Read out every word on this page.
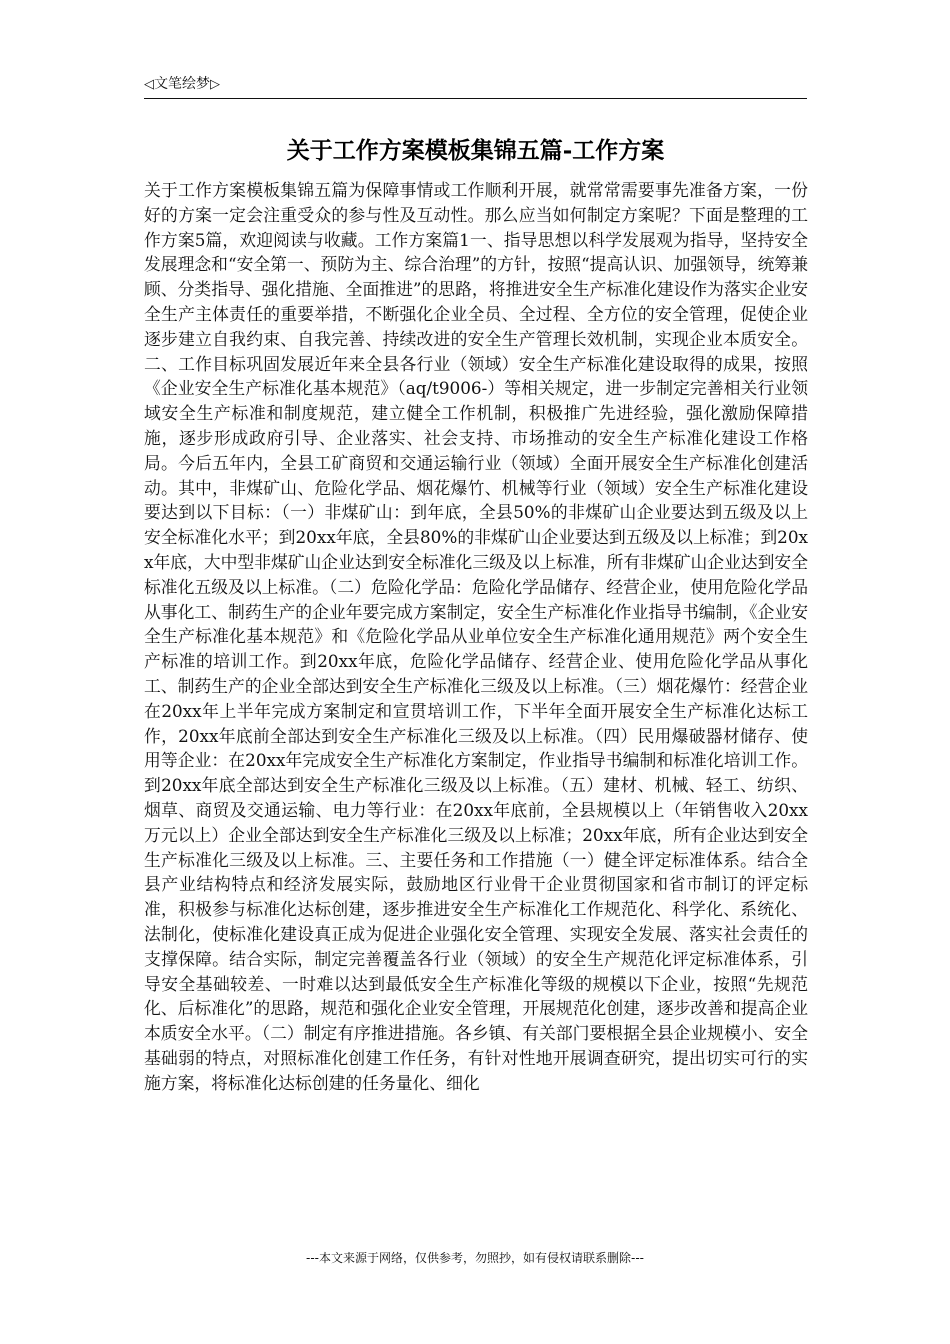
◁文笔绘梦▷
关于工作方案模板集锦五篇-工作方案

关于工作方案模板集锦五篇为保障事情或工作顺利开展，就常常需要事先准备方案，一份好的方案一定会注重受众的参与性及互动性。那么应当如何制定方案呢？下面是整理的工作方案5篇，欢迎阅读与收藏。工作方案篇1一、指导思想以科学发展观为指导，坚持安全发展理念和“安全第一、预防为主、综合治理”的方针，按照“提高认识、加强领导，统筹兼顾、分类指导、强化措施、全面推进”的思路，将推进安全生产标准化建设作为落实企业安全生产主体责任的重要举措，不断强化企业全员、全过程、全方位的安全管理，促使企业逐步建立自我约束、自我完善、持续改进的安全生产管理长效机制，实现企业本质安全。二、工作目标巩固发展近年来全县各行业（领域）安全生产标准化建设取得的成果，按照《企业安全生产标准化基本规范》（aq/t9006-）等相关规定，进一步制定完善相关行业领域安全生产标准和制度规范，建立健全工作机制，积极推广先进经验，强化激励保障措施，逐步形成政府引导、企业落实、社会支持、市场推动的安全生产标准化建设工作格局。今后五年内，全县工矿商贸和交通运输行业（领域）全面开展安全生产标准化创建活动。其中，非煤矿山、危险化学品、烟花爆竹、机械等行业（领域）安全生产标准化建设要达到以下目标：（一）非煤矿山：到年底，全县50%的非煤矿山企业要达到五级及以上安全标准化水平；到20xx年底，全县80%的非煤矿山企业要达到五级及以上标准；到20xx年底，大中型非煤矿山企业达到安全标准化三级及以上标准，所有非煤矿山企业达到安全标准化五级及以上标准。（二）危险化学品：危险化学品储存、经营企业，使用危险化学品从事化工、制药生产的企业年要完成方案制定，安全生产标准化作业指导书编制，《企业安全生产标准化基本规范》和《危险化学品从业单位安全生产标准化通用规范》两个安全生产标准的培训工作。到20xx年底，危险化学品储存、经营企业、使用危险化学品从事化工、制药生产的企业全部达到安全生产标准化三级及以上标准。（三）烟花爆竹：经营企业在20xx年上半年完成方案制定和宣贯培训工作，下半年全面开展安全生产标准化达标工作，20xx年底前全部达到安全生产标准化三级及以上标准。（四）民用爆破器材储存、使用等企业：在20xx年完成安全生产标准化方案制定，作业指导书编制和标准化培训工作。到20xx年底全部达到安全生产标准化三级及以上标准。（五）建材、机械、轻工、纺织、烟草、商贸及交通运输、电力等行业：在20xx年底前，全县规模以上（年销售收入20xx万元以上）企业全部达到安全生产标准化三级及以上标准；20xx年底，所有企业达到安全生产标准化三级及以上标准。三、主要任务和工作措施（一）健全评定标准体系。结合全县产业结构特点和经济发展实际，鼓励地区行业骨干企业贯彻国家和省市制订的评定标准，积极参与标准化达标创建，逐步推进安全生产标准化工作规范化、科学化、系统化、法制化，使标准化建设真正成为促进企业强化安全管理、实现安全发展、落实社会责任的支撑保障。结合实际，制定完善覆盖各行业（领域）的安全生产规范化评定标准体系，引导安全基础较差、一时难以达到最低安全生产标准化等级的规模以下企业，按照“先规范化、后标准化”的思路，规范和强化企业安全管理，开展规范化创建，逐步改善和提高企业本质安全水平。（二）制定有序推进措施。各乡镇、有关部门要根据全县企业规模小、安全基础弱的特点，对照标准化创建工作任务，有针对性地开展调查研究，提出切实可行的实施方案，将标准化达标创建的任务量化、细化

---本文来源于网络，仅供参考，勿照抄，如有侵权请联系删除---
